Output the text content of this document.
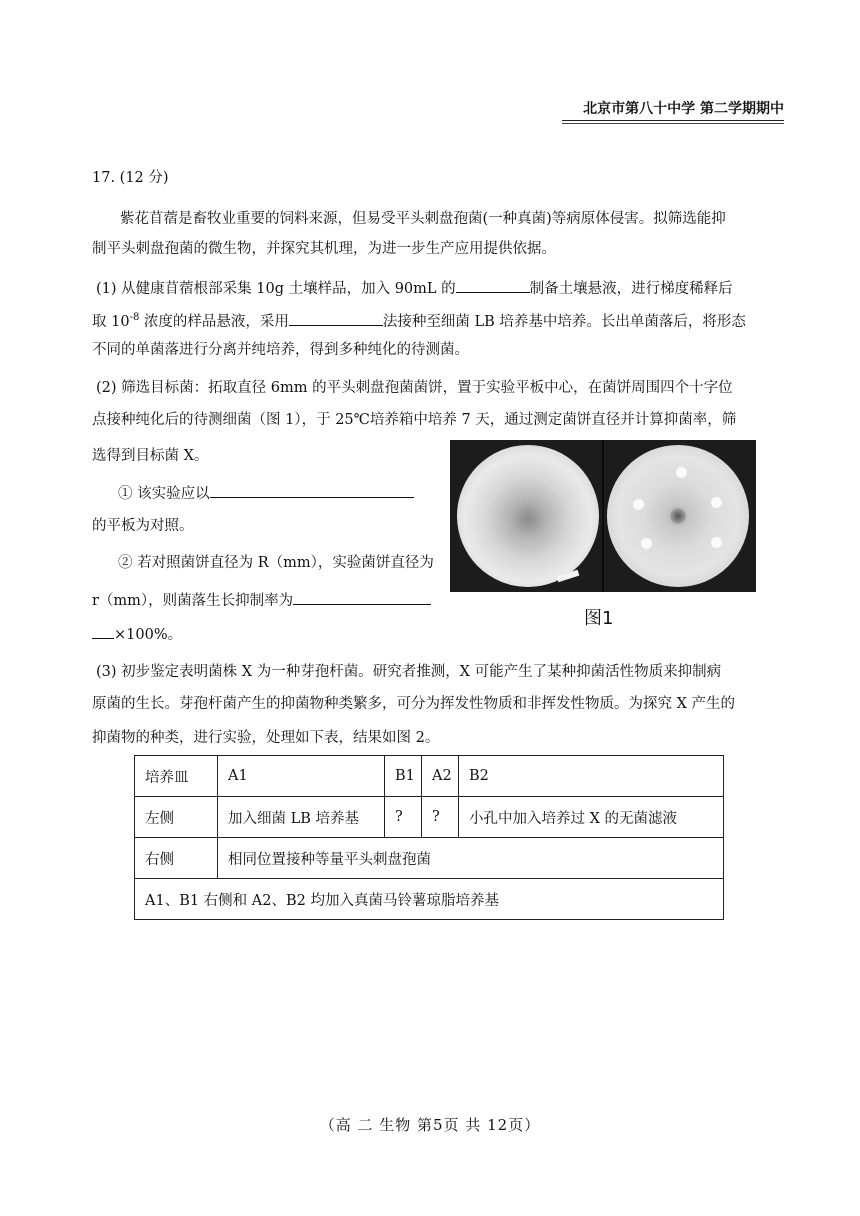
北京市第八十中学 第二学期期中
17. (12 分)
紫花苜蓿是畜牧业重要的饲料来源，但易受平头刺盘孢菌(一种真菌)等病原体侵害。拟筛选能抑
制平头刺盘孢菌的微生物，并探究其机理，为进一步生产应用提供依据。
(1) 从健康苜蓿根部采集 10g 土壤样品，加入 90mL 的	制备土壤悬液，进行梯度稀释后
取 $10^{-8}$ 浓度的样品悬液，采用	法接种至细菌 LB 培养基中培养。长出单菌落后，将形态
不同的单菌落进行分离并纯培养，得到多种纯化的待测菌。
(2) 筛选目标菌：拓取直径 6mm 的平头刺盘孢菌菌饼，置于实验平板中心，在菌饼周围四个十字位
点接种纯化后的待测细菌（图 1），于 25℃培养箱中培养 7 天，通过测定菌饼直径并计算抑菌率，筛
选得到目标菌 X。
① 该实验应以
的平板为对照。
② 若对照菌饼直径为 R（mm），实验菌饼直径为
r（mm），则菌落生长抑制率为
×100%。
图1
(3) 初步鉴定表明菌株 X 为一种芽孢杆菌。研究者推测，X 可能产生了某种抑菌活性物质来抑制病
原菌的生长。芽孢杆菌产生的抑菌物种类繁多，可分为挥发性物质和非挥发性物质。为探究 X 产生的
抑菌物的种类，进行实验，处理如下表，结果如图 2。
培养皿	A1	B1	A2	B2
左侧	加入细菌 LB 培养基	?	?	小孔中加入培养过 X 的无菌滤液
右侧	相同位置接种等量平头刺盘孢菌			
A1、B1 右侧和 A2、B2 均加入真菌马铃薯琼脂培养基				
（高 二 生物 第5页 共 12页）
